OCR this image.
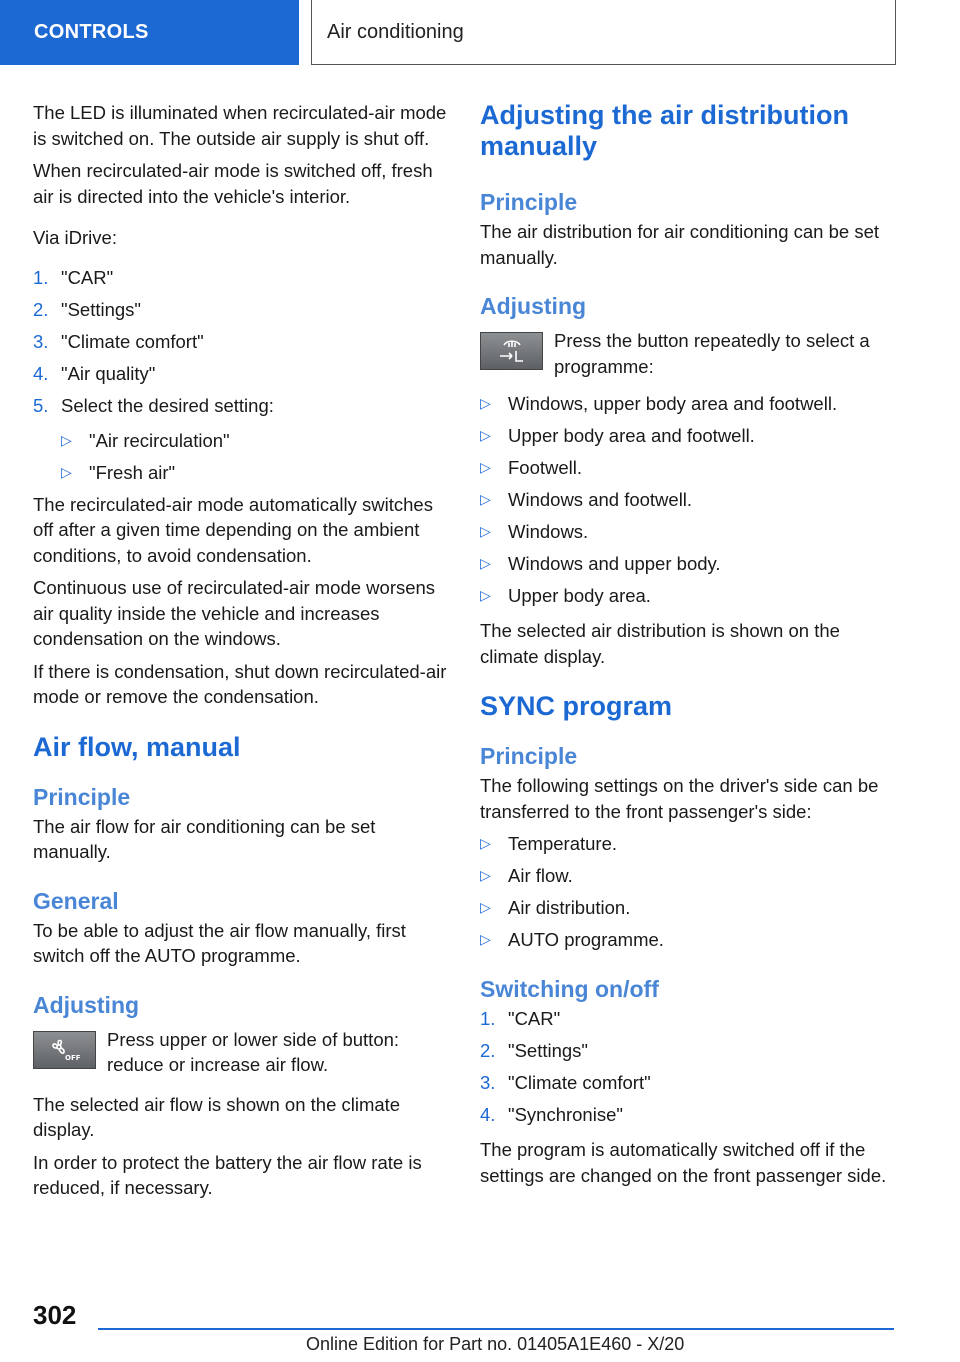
CONTROLS	Air conditioning

The LED is illuminated when recirculated-air mode is switched on. The outside air supply is shut off.

When recirculated-air mode is switched off, fresh air is directed into the vehicle's interior.

Via iDrive:

1. "CAR"
2. "Settings"
3. "Climate comfort"
4. "Air quality"
5. Select the desired setting:
▷ "Air recirculation"
▷ "Fresh air"

The recirculated-air mode automatically switches off after a given time depending on the ambient conditions, to avoid condensation.

Continuous use of recirculated-air mode worsens air quality inside the vehicle and increases condensation on the windows.

If there is condensation, shut down recirculated-air mode or remove the condensation.

Air flow, manual
Principle

The air flow for air conditioning can be set manually.

General

To be able to adjust the air flow manually, first switch off the AUTO programme.

Adjusting
OFF
Press upper or lower side of button: reduce or increase air flow.

The selected air flow is shown on the climate display.

In order to protect the battery the air flow rate is reduced, if necessary.

Adjusting the air distribution manually
Principle

The air distribution for air conditioning can be set manually.

Adjusting
Press the button repeatedly to select a programme:
▷ Windows, upper body area and footwell.
▷ Upper body area and footwell.
▷ Footwell.
▷ Windows and footwell.
▷ Windows.
▷ Windows and upper body.
▷ Upper body area.

The selected air distribution is shown on the climate display.

SYNC program
Principle

The following settings on the driver's side can be transferred to the front passenger's side:

▷ Temperature.
▷ Air flow.
▷ Air distribution.
▷ AUTO programme.
Switching on/off
1. "CAR"
2. "Settings"
3. "Climate comfort"
4. "Synchronise"

The program is automatically switched off if the settings are changed on the front passenger side.

302
Online Edition for Part no. 01405A1E460 - X/20
